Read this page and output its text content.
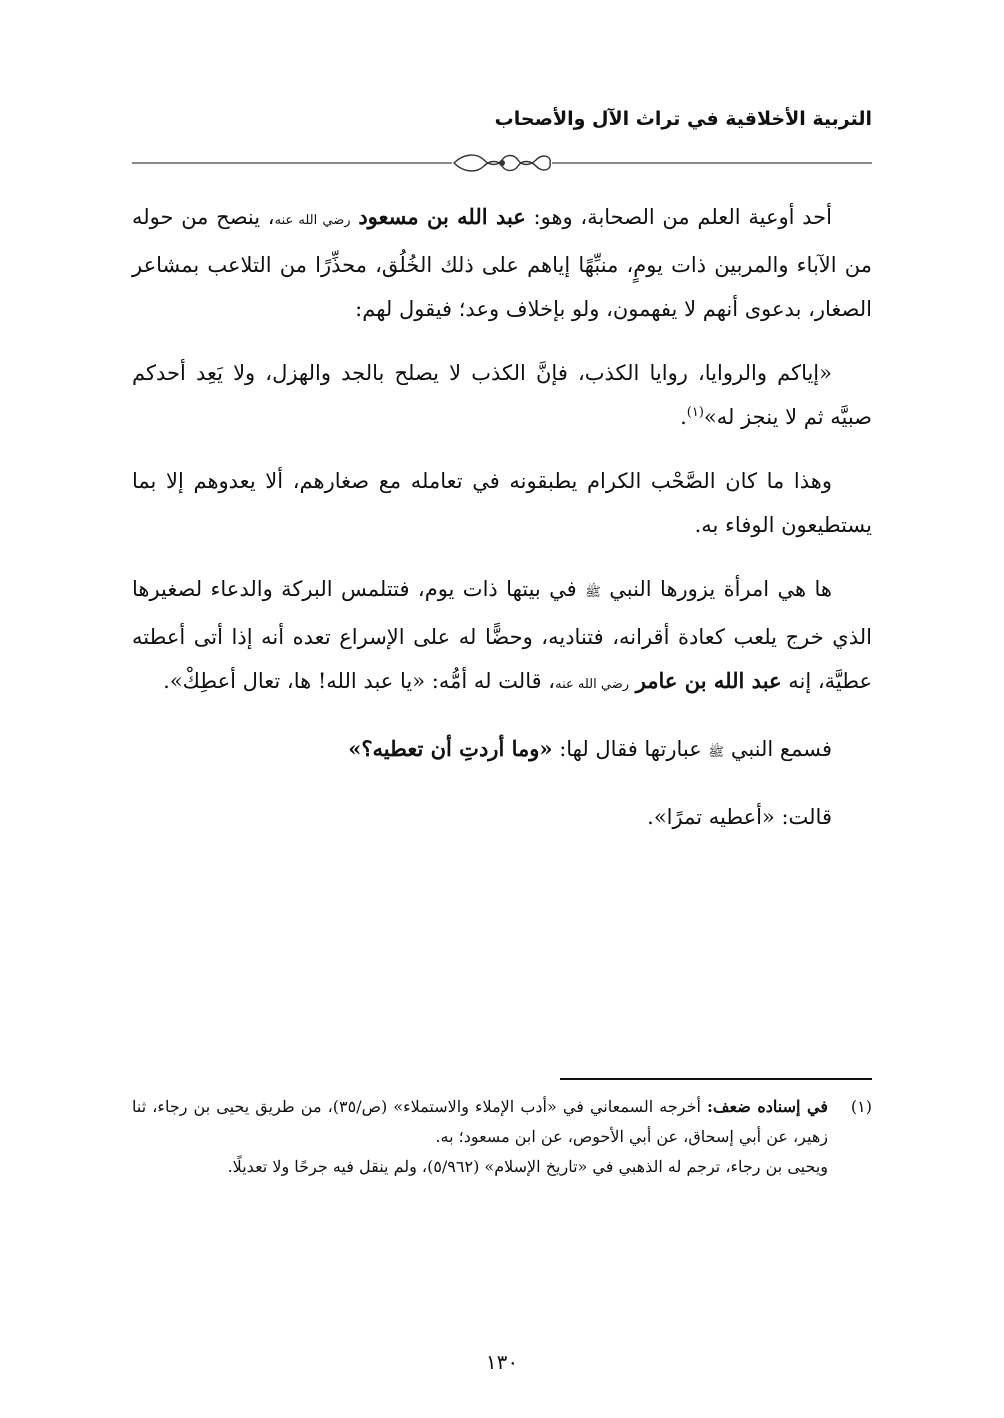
التربية الأخلاقية في تراث الآل والأصحاب

أحد أوعية العلم من الصحابة، وهو: عبد الله بن مسعود رضي الله عنه، ينصح من حوله من الآباء والمربين ذات يومٍ، منبِّهًا إياهم على ذلك الخُلُق، محذِّرًا من التلاعب بمشاعر الصغار، بدعوى أنهم لا يفهمون، ولو بإخلاف وعد؛ فيقول لهم:

«إياكم والروايا، روايا الكذب، فإنَّ الكذب لا يصلح بالجد والهزل، ولا يَعِد أحدكم صبيَّه ثم لا ينجز له»$^{(١)}$.

وهذا ما كان الصَّحْب الكرام يطبقونه في تعامله مع صغارهم، ألا يعدوهم إلا بما يستطيعون الوفاء به.

ها هي امرأة يزورها النبي ﷺ في بيتها ذات يوم، فتتلمس البركة والدعاء لصغيرها الذي خرج يلعب كعادة أقرانه، فتناديه، وحضًّا له على الإسراع تعده أنه إذا أتى أعطته عطيَّة، إنه عبد الله بن عامر رضي الله عنه، قالت له أمُّه: «يا عبد الله! ها، تعال أعطِكْ».

فسمع النبي ﷺ عبارتها فقال لها: «وما أردتِ أن تعطيه؟»

قالت: «أعطيه تمرًا».

(١)
في إسناده ضعف: أخرجه السمعاني في «أدب الإملاء والاستملاء» (ص/٣٥)، من طريق يحيى بن رجاء، ثنا زهير، عن أبي إسحاق، عن أبي الأحوص، عن ابن مسعود؛ به.
ويحيى بن رجاء، ترجم له الذهبي في «تاريخ الإسلام» (٥/٩٦٢)، ولم ينقل فيه جرحًا ولا تعديلًا.
١٣٠
